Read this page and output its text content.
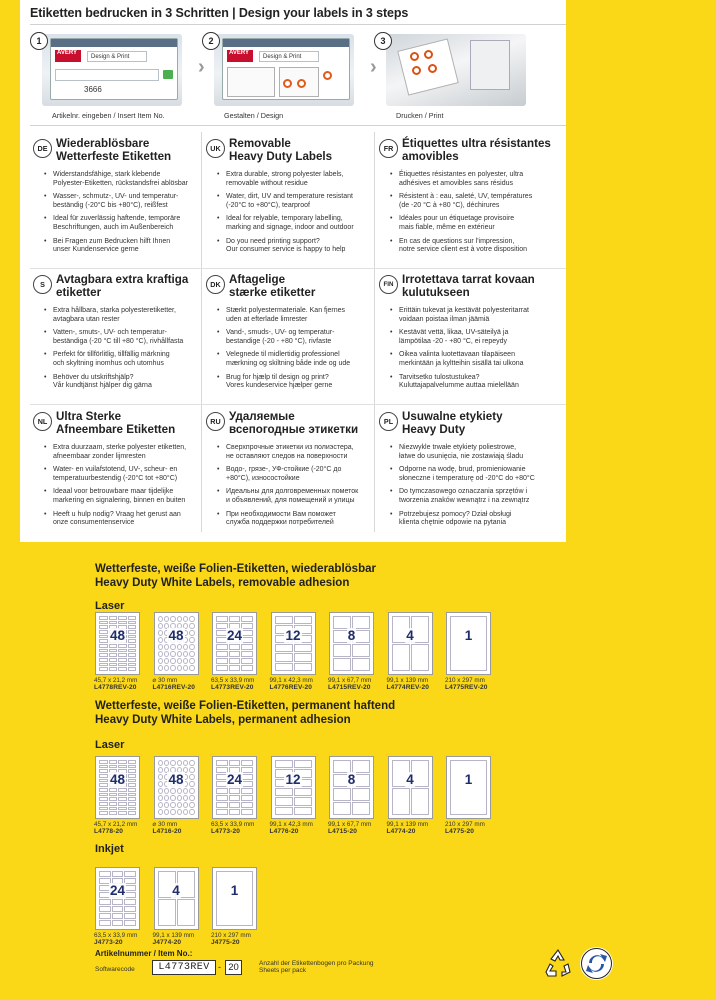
Etiketten bedrucken in 3 Schritten | Design your labels in 3 steps
1
AVERY
Design & Print
3666
›
2
AVERY
Design & Print	›
3
Artikelnr. eingeben / Insert Item No.	Gestalten / Design	Drucken / Print
DE Wiederablösbare
Wetterfeste Etiketten
• Widerstandsfähige, stark klebende
Polyester-Etiketten, rückstandsfrei ablösbar
• Wasser-, schmutz-, UV- und temperatur-
beständig (-20°C bis +80°C), reißfest
• Ideal für zuverlässig haftende, temporäre
Beschriftungen, auch im Außenbereich
• Bei Fragen zum Bedrucken hilft Ihnen
unser Kundenservice gerne
UK Removable
Heavy Duty Labels
• Extra durable, strong polyester labels,
removable without residue
• Water, dirt, UV and temperature resistant
(-20°C to +80°C), tearproof
• Ideal for relyable, temporary labelling,
marking and signage, indoor and outdoor
• Do you need printing support?
Our consumer service is happy to help
FR Étiquettes ultra résistantes
amovibles
• Étiquettes résistantes en polyester, ultra
adhésives et amovibles sans résidus
• Résistent à : eau, saleté, UV, températures
(de -20 °C à +80 °C), déchirures
• Idéales pour un étiquetage provisoire
mais fiable, même en extérieur
• En cas de questions sur l'impression,
notre service client est à votre disposition
S Avtagbara extra kraftiga
etiketter
• Extra hållbara, starka polyesteretiketter,
avtagbara utan rester
• Vatten-, smuts-, UV- och temperatur-
beständiga (-20 °C till +80 °C), rivhållfasta
• Perfekt för tillförlitlig, tillfällig märkning
och skyltning inomhus och utomhus
• Behöver du utskriftshjälp?
Vår kundtjänst hjälper dig gärna
DK Aftagelige
stærke etiketter
• Stærkt polyestermateriale. Kan fjernes
uden at efterlade limrester
• Vand-, smuds-, UV- og temperatur-
bestandige (-20 - +80 °C), rivfaste
• Velegnede til midlertidig professionel
mærkning og skiltning både inde og ude
• Brug for hjælp til design og print?
Vores kundeservice hjælper gerne
FIN Irrotettava tarrat kovaan
kulutukseen
• Erittäin tukevat ja kestävät polyesteritarrat
voidaan poistaa ilman jäämiä
• Kestävät vettä, likaa, UV-säteilyä ja
lämpötilaa -20 - +80 °C, ei repeydy
• Oikea valinta luotettavaan tilapäiseen
merkintään ja kyltteihin sisällä tai ulkona
• Tarvitsetko tulostustukea?
Kuluttajapalvelumme auttaa mielellään
NL Ultra Sterke
Afneembare Etiketten
• Extra duurzaam, sterke polyester etiketten,
afneembaar zonder lijmresten
• Water- en vuilafstotend, UV-, scheur- en
temperatuurbestendig (-20°C tot +80°C)
• Ideaal voor betrouwbare maar tijdelijke
markering en signalering, binnen en buiten
• Heeft u hulp nodig? Vraag het gerust aan
onze consumentenservice
RU Удаляемые
всепогодные этикетки
• Сверхпрочные этикетки из полиэстера,
не оставляют следов на поверхности
• Водо-, грязе-, УФ-стойкие (-20°C до
+80°C), износостойкие
• Идеальны для долговременных пометок
и объявлений, для помещений и улицы
• При необходимости Вам поможет
служба поддержки потребителей
PL Usuwalne etykiety
Heavy Duty
• Niezwykle trwałe etykiety poliestrowe,
łatwe do usunięcia, nie zostawiają śladu
• Odporne na wodę, brud, promieniowanie
słoneczne i temperaturę od -20°C do +80°C
• Do tymczasowego oznaczania sprzętów i
tworzenia znaków wewnątrz i na zewnątrz
• Potrzebujesz pomocy? Dział obsługi
klienta chętnie odpowie na pytania
Wetterfeste, weiße Folien-Etiketten, wiederablösbar
Heavy Duty White Labels, removable adhesion
Laser
48
45,7 x 21,2 mm
L4778REV-20
48
⌀ 30 mm
L4716REV-20
24
63,5 x 33,9 mm
L4773REV-20
12
99,1 x 42,3 mm
L4776REV-20
8
99,1 x 67,7 mm
L4715REV-20
4
99,1 x 139 mm
L4774REV-20
1
210 x 297 mm
L4775REV-20
Wetterfeste, weiße Folien-Etiketten, permanent haftend
Heavy Duty White Labels, permanent adhesion
Laser
48
45,7 x 21,2 mm
L4778-20
48
⌀ 30 mm
L4716-20
24
63,5 x 33,9 mm
L4773-20
12
99,1 x 42,3 mm
L4776-20
8
99,1 x 67,7 mm
L4715-20
4
99,1 x 139 mm
L4774-20
1
210 x 297 mm
L4775-20
Inkjet
24
63,5 x 33,9 mm
J4773-20
4
99,1 x 139 mm
J4774-20
1
210 x 297 mm
J4775-20
Artikelnummer / Item No.:
Softwarecode	L4773REV - 20	Anzahl der Etikettenbogen pro Packung
Sheets per pack
